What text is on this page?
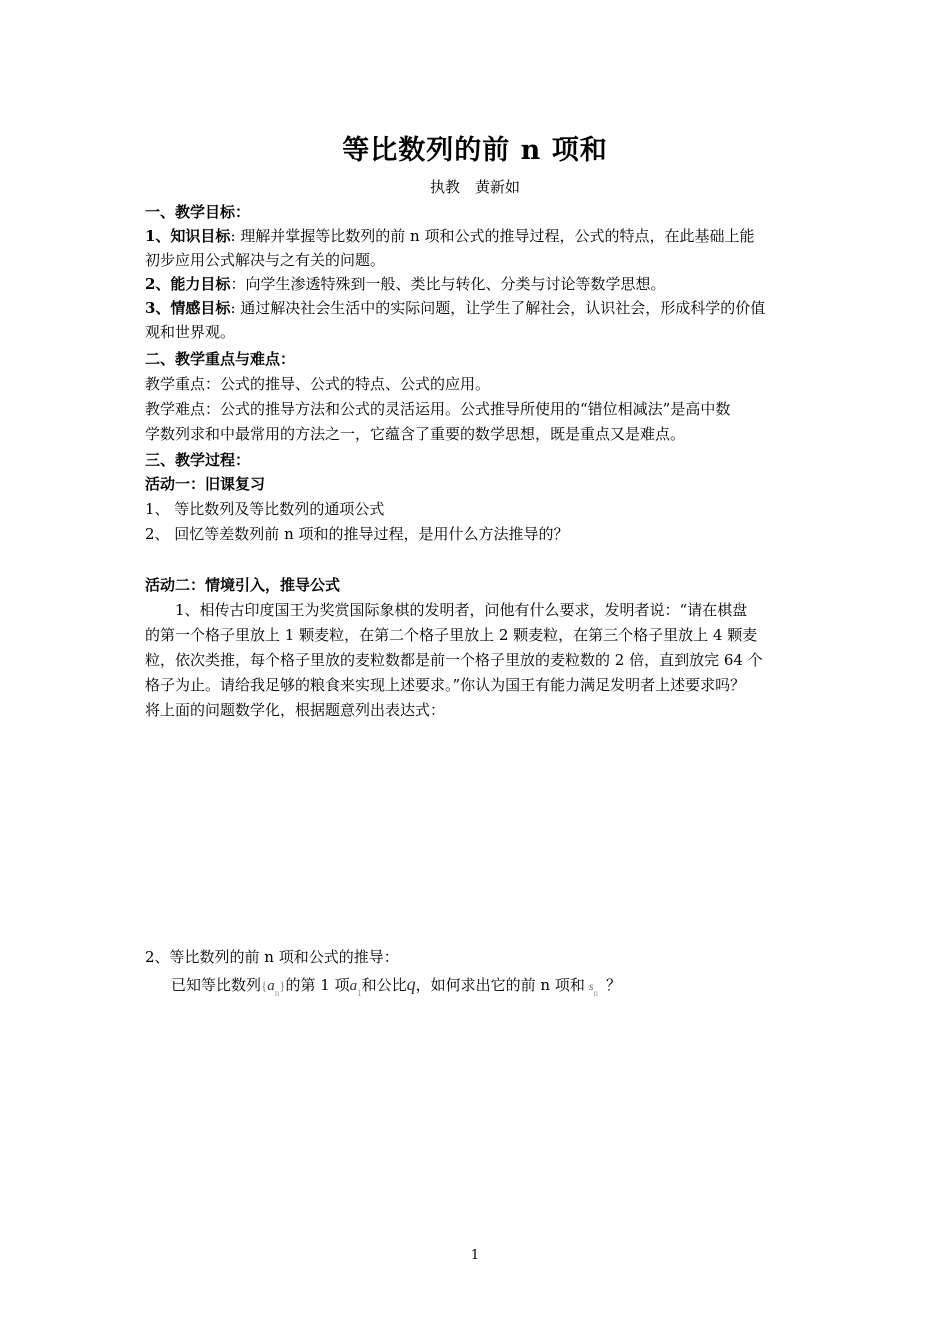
等比数列的前 n 项和
执教　黄新如
一、教学目标：
1、知识目标: 理解并掌握等比数列的前 n 项和公式的推导过程，公式的特点，在此基础上能
初步应用公式解决与之有关的问题。
2、能力目标：向学生渗透特殊到一般、类比与转化、分类与讨论等数学思想。
3、情感目标: 通过解决社会生活中的实际问题，让学生了解社会，认识社会，形成科学的价值
观和世界观。
二、教学重点与难点：
教学重点：公式的推导、公式的特点、公式的应用。
教学难点：公式的推导方法和公式的灵活运用。公式推导所使用的“错位相减法”是高中数
学数列求和中最常用的方法之一，它蕴含了重要的数学思想，既是重点又是难点。
三、教学过程：
活动一：旧课复习
1、 等比数列及等比数列的通项公式
2、 回忆等差数列前 n 项和的推导过程，是用什么方法推导的？
活动二：情境引入，推导公式
1、相传古印度国王为奖赏国际象棋的发明者，问他有什么要求，发明者说：“请在棋盘
的第一个格子里放上 1 颗麦粒，在第二个格子里放上 2 颗麦粒，在第三个格子里放上 4 颗麦
粒，依次类推，每个格子里放的麦粒数都是前一个格子里放的麦粒数的 2 倍，直到放完 64 个
格子为止。请给我足够的粮食来实现上述要求。”你认为国王有能力满足发明者上述要求吗？
将上面的问题数学化，根据题意列出表达式：
2、等比数列的前 n 项和公式的推导：
已知等比数列$\{a_n\}$的第 1 项$a_1$和公比q，如何求出它的前 n 项和 $s_n$ ？
1
